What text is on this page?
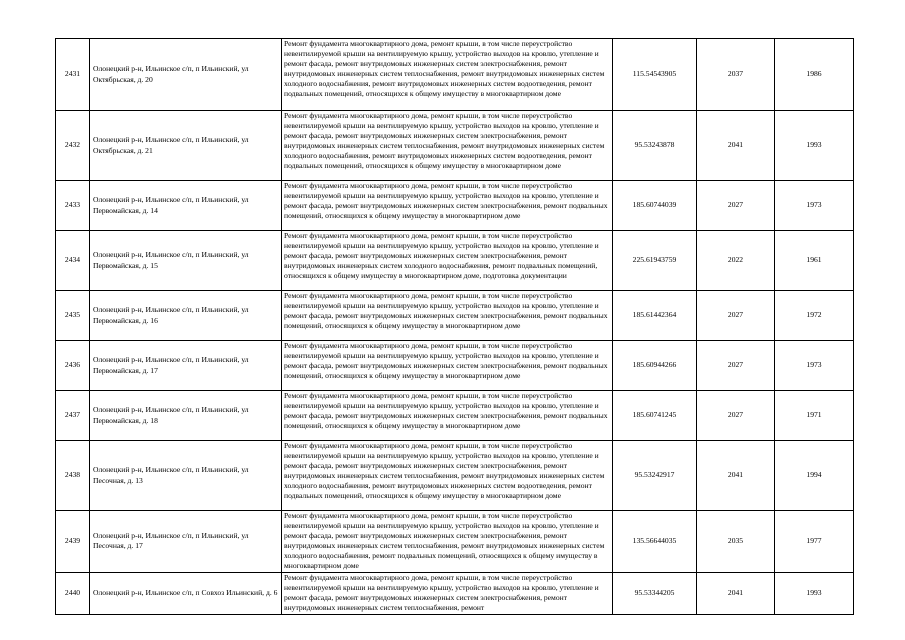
2431	Олонецкий р-н, Ильинское с/п, п Ильинский, ул Октябрьская, д. 20	Ремонт фундамента многоквартирного дома, ремонт крыши, в том числе переустройство невентилируемой крыши на вентилируемую крышу, устройство выходов на кровлю, утепление и ремонт фасада, ремонт внутридомовых инженерных систем электроснабжения, ремонт внутридомовых инженерных систем теплоснабжения, ремонт внутридомовых инженерных систем холодного водоснабжения, ремонт внутридомовых инженерных систем водоотведения, ремонт подвальных помещений, относящихся к общему имуществу в многоквартирном доме	115.54543905	2037	1986
2432	Олонецкий р-н, Ильинское с/п, п Ильинский, ул Октябрьская, д. 21	Ремонт фундамента многоквартирного дома, ремонт крыши, в том числе переустройство невентилируемой крыши на вентилируемую крышу, устройство выходов на кровлю, утепление и ремонт фасада, ремонт внутридомовых инженерных систем электроснабжения, ремонт внутридомовых инженерных систем теплоснабжения, ремонт внутридомовых инженерных систем холодного водоснабжения, ремонт внутридомовых инженерных систем водоотведения, ремонт подвальных помещений, относящихся к общему имуществу в многоквартирном доме	95.53243878	2041	1993
2433	Олонецкий р-н, Ильинское с/п, п Ильинский, ул Первомайская, д. 14	Ремонт фундамента многоквартирного дома, ремонт крыши, в том числе переустройство невентилируемой крыши на вентилируемую крышу, устройство выходов на кровлю, утепление и ремонт фасада, ремонт внутридомовых инженерных систем электроснабжения, ремонт подвальных помещений, относящихся к общему имуществу в многоквартирном доме	185.60744039	2027	1973
2434	Олонецкий р-н, Ильинское с/п, п Ильинский, ул Первомайская, д. 15	Ремонт фундамента многоквартирного дома, ремонт крыши, в том числе переустройство невентилируемой крыши на вентилируемую крышу, устройство выходов на кровлю, утепление и ремонт фасада, ремонт внутридомовых инженерных систем электроснабжения, ремонт внутридомовых инженерных систем холодного водоснабжения, ремонт подвальных помещений, относящихся к общему имуществу в многоквартирном доме, подготовка документации	225.61943759	2022	1961
2435	Олонецкий р-н, Ильинское с/п, п Ильинский, ул Первомайская, д. 16	Ремонт фундамента многоквартирного дома, ремонт крыши, в том числе переустройство невентилируемой крыши на вентилируемую крышу, устройство выходов на кровлю, утепление и ремонт фасада, ремонт внутридомовых инженерных систем электроснабжения, ремонт подвальных помещений, относящихся к общему имуществу в многоквартирном доме	185.61442364	2027	1972
2436	Олонецкий р-н, Ильинское с/п, п Ильинский, ул Первомайская, д. 17	Ремонт фундамента многоквартирного дома, ремонт крыши, в том числе переустройство невентилируемой крыши на вентилируемую крышу, устройство выходов на кровлю, утепление и ремонт фасада, ремонт внутридомовых инженерных систем электроснабжения, ремонт подвальных помещений, относящихся к общему имуществу в многоквартирном доме	185.60944266	2027	1973
2437	Олонецкий р-н, Ильинское с/п, п Ильинский, ул Первомайская, д. 18	Ремонт фундамента многоквартирного дома, ремонт крыши, в том числе переустройство невентилируемой крыши на вентилируемую крышу, устройство выходов на кровлю, утепление и ремонт фасада, ремонт внутридомовых инженерных систем электроснабжения, ремонт подвальных помещений, относящихся к общему имуществу в многоквартирном доме	185.60741245	2027	1971
2438	Олонецкий р-н, Ильинское с/п, п Ильинский, ул Песочная, д. 13	Ремонт фундамента многоквартирного дома, ремонт крыши, в том числе переустройство невентилируемой крыши на вентилируемую крышу, устройство выходов на кровлю, утепление и ремонт фасада, ремонт внутридомовых инженерных систем электроснабжения, ремонт внутридомовых инженерных систем теплоснабжения, ремонт внутридомовых инженерных систем холодного водоснабжения, ремонт внутридомовых инженерных систем водоотведения, ремонт подвальных помещений, относящихся к общему имуществу в многоквартирном доме	95.53242917	2041	1994
2439	Олонецкий р-н, Ильинское с/п, п Ильинский, ул Песочная, д. 17	Ремонт фундамента многоквартирного дома, ремонт крыши, в том числе переустройство невентилируемой крыши на вентилируемую крышу, устройство выходов на кровлю, утепление и ремонт фасада, ремонт внутридомовых инженерных систем электроснабжения, ремонт внутридомовых инженерных систем теплоснабжения, ремонт внутридомовых инженерных систем холодного водоснабжения, ремонт подвальных помещений, относящихся к общему имуществу в многоквартирном доме	135.56644035	2035	1977
2440	Олонецкий р-н, Ильинское с/п, п Совхоз Ильинский, д. 6	Ремонт фундамента многоквартирного дома, ремонт крыши, в том числе переустройство невентилируемой крыши на вентилируемую крышу, устройство выходов на кровлю, утепление и ремонт фасада, ремонт внутридомовых инженерных систем электроснабжения, ремонт внутридомовых инженерных систем теплоснабжения, ремонт	95.53344205	2041	1993
